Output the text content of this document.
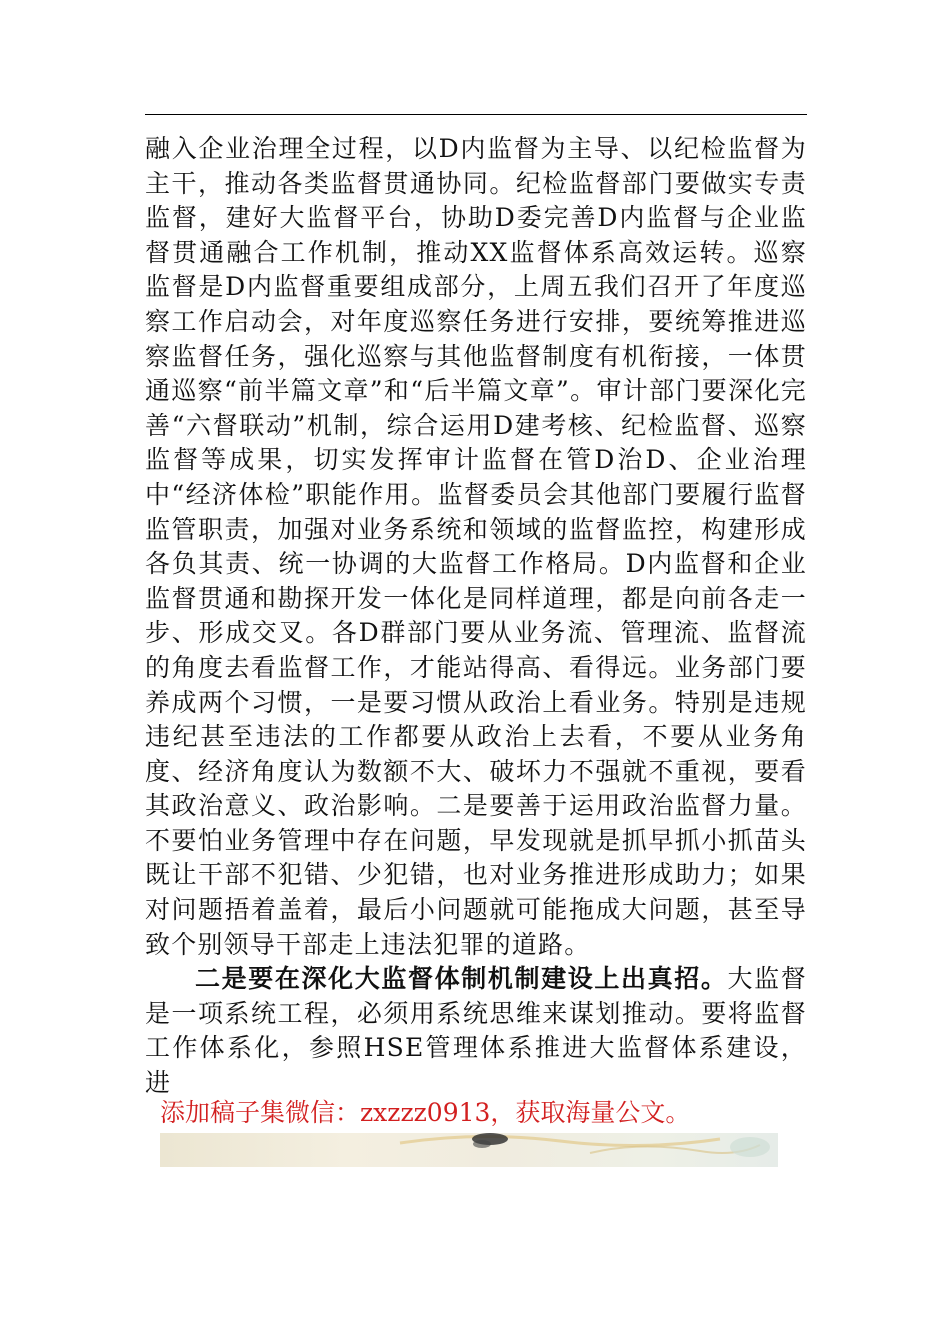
融入企业治理全过程，以D内监督为主导、以纪检监督为主干，推动各类监督贯通协同。纪检监督部门要做实专责监督，建好大监督平台，协助D委完善D内监督与企业监督贯通融合工作机制，推动XX监督体系高效运转。巡察监督是D内监督重要组成部分，上周五我们召开了年度巡察工作启动会，对年度巡察任务进行安排，要统筹推进巡察监督任务，强化巡察与其他监督制度有机衔接，一体贯通巡察“前半篇文章”和“后半篇文章”。审计部门要深化完善“六督联动”机制，综合运用D建考核、纪检监督、巡察监督等成果，切实发挥审计监督在管D治D、企业治理中“经济体检”职能作用。监督委员会其他部门要履行监督监管职责，加强对业务系统和领域的监督监控，构建形成各负其责、统一协调的大监督工作格局。D内监督和企业监督贯通和勘探开发一体化是同样道理，都是向前各走一步、形成交叉。各D群部门要从业务流、管理流、监督流的角度去看监督工作，才能站得高、看得远。业务部门要养成两个习惯，一是要习惯从政治上看业务。特别是违规违纪甚至违法的工作都要从政治上去看，不要从业务角度、经济角度认为数额不大、破坏力不强就不重视，要看其政治意义、政治影响。二是要善于运用政治监督力量。不要怕业务管理中存在问题，早发现就是抓早抓小抓苗头既让干部不犯错、少犯错，也对业务推进形成助力；如果对问题捂着盖着，最后小问题就可能拖成大问题，甚至导致个别领导干部走上违法犯罪的道路。

二是要在深化大监督体制机制建设上出真招。大监督是一项系统工程，必须用系统思维来谋划推动。要将监督工作体系化，参照HSE管理体系推进大监督体系建设，进

添加稿子集微信：zxzzz0913，获取海量公文。
